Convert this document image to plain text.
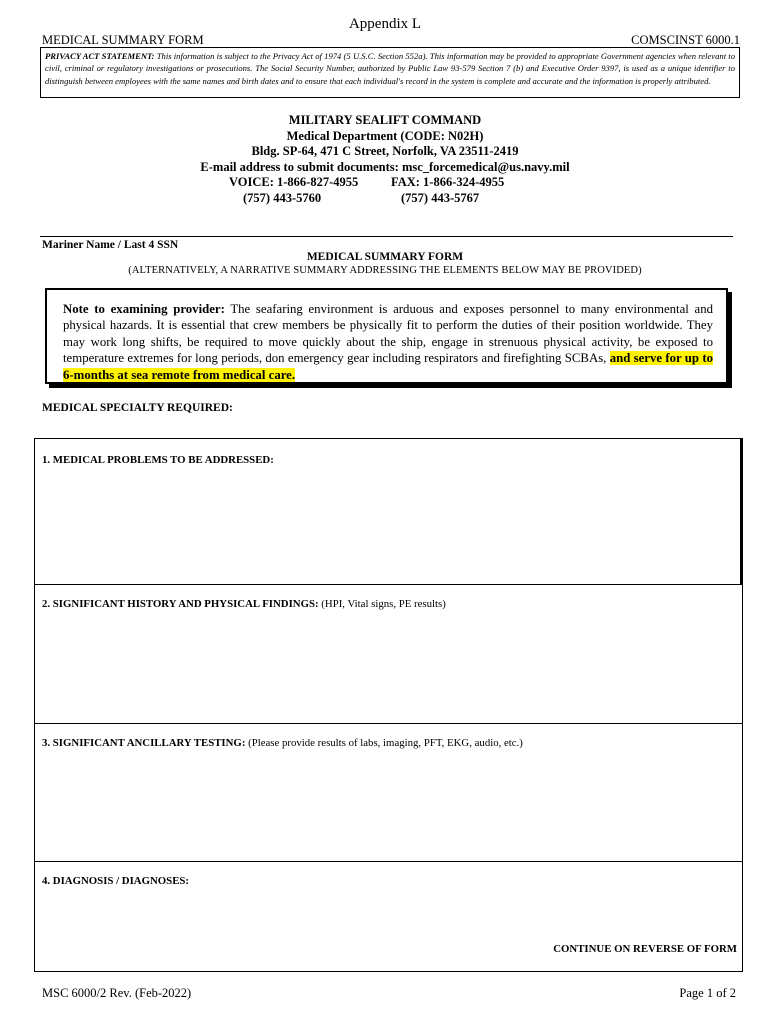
Appendix L
MEDICAL SUMMARY FORM	COMSCINST 6000.1
PRIVACY ACT STATEMENT: This information is subject to the Privacy Act of 1974 (5 U.S.C. Section 552a). This information may be provided to appropriate Government agencies when relevant to civil, criminal or regulatory investigations or prosecutions. The Social Security Number, authorized by Public Law 93-579 Section 7 (b) and Executive Order 9397, is used as a unique identifier to distinguish between employees with the same names and birth dates and to ensure that each individual's record in the system is complete and accurate and the information is properly attributed.
MILITARY SEALIFT COMMAND
Medical Department (CODE: N02H)
Bldg. SP-64, 471 C Street, Norfolk, VA 23511-2419
E-mail address to submit documents: msc_forcemedical@us.navy.mil
VOICE: 1-866-827-4955	FAX: 1-866-324-4955
(757) 443-5760	(757) 443-5767
Mariner Name / Last 4 SSN
MEDICAL SUMMARY FORM
(ALTERNATIVELY, A NARRATIVE SUMMARY ADDRESSING THE ELEMENTS BELOW MAY BE PROVIDED)
Note to examining provider: The seafaring environment is arduous and exposes personnel to many environmental and physical hazards. It is essential that crew members be physically fit to perform the duties of their position worldwide. They may work long shifts, be required to move quickly about the ship, engage in strenuous physical activity, be exposed to temperature extremes for long periods, don emergency gear including respirators and firefighting SCBAs, and serve for up to 6-months at sea remote from medical care.
MEDICAL SPECIALTY REQUIRED:
1. MEDICAL PROBLEMS TO BE ADDRESSED:
2. SIGNIFICANT HISTORY AND PHYSICAL FINDINGS: (HPI, Vital signs, PE results)
3. SIGNIFICANT ANCILLARY TESTING: (Please provide results of labs, imaging, PFT, EKG, audio, etc.)
4. DIAGNOSIS / DIAGNOSES:
CONTINUE ON REVERSE OF FORM
MSC 6000/2 Rev. (Feb-2022)	Page 1 of 2
